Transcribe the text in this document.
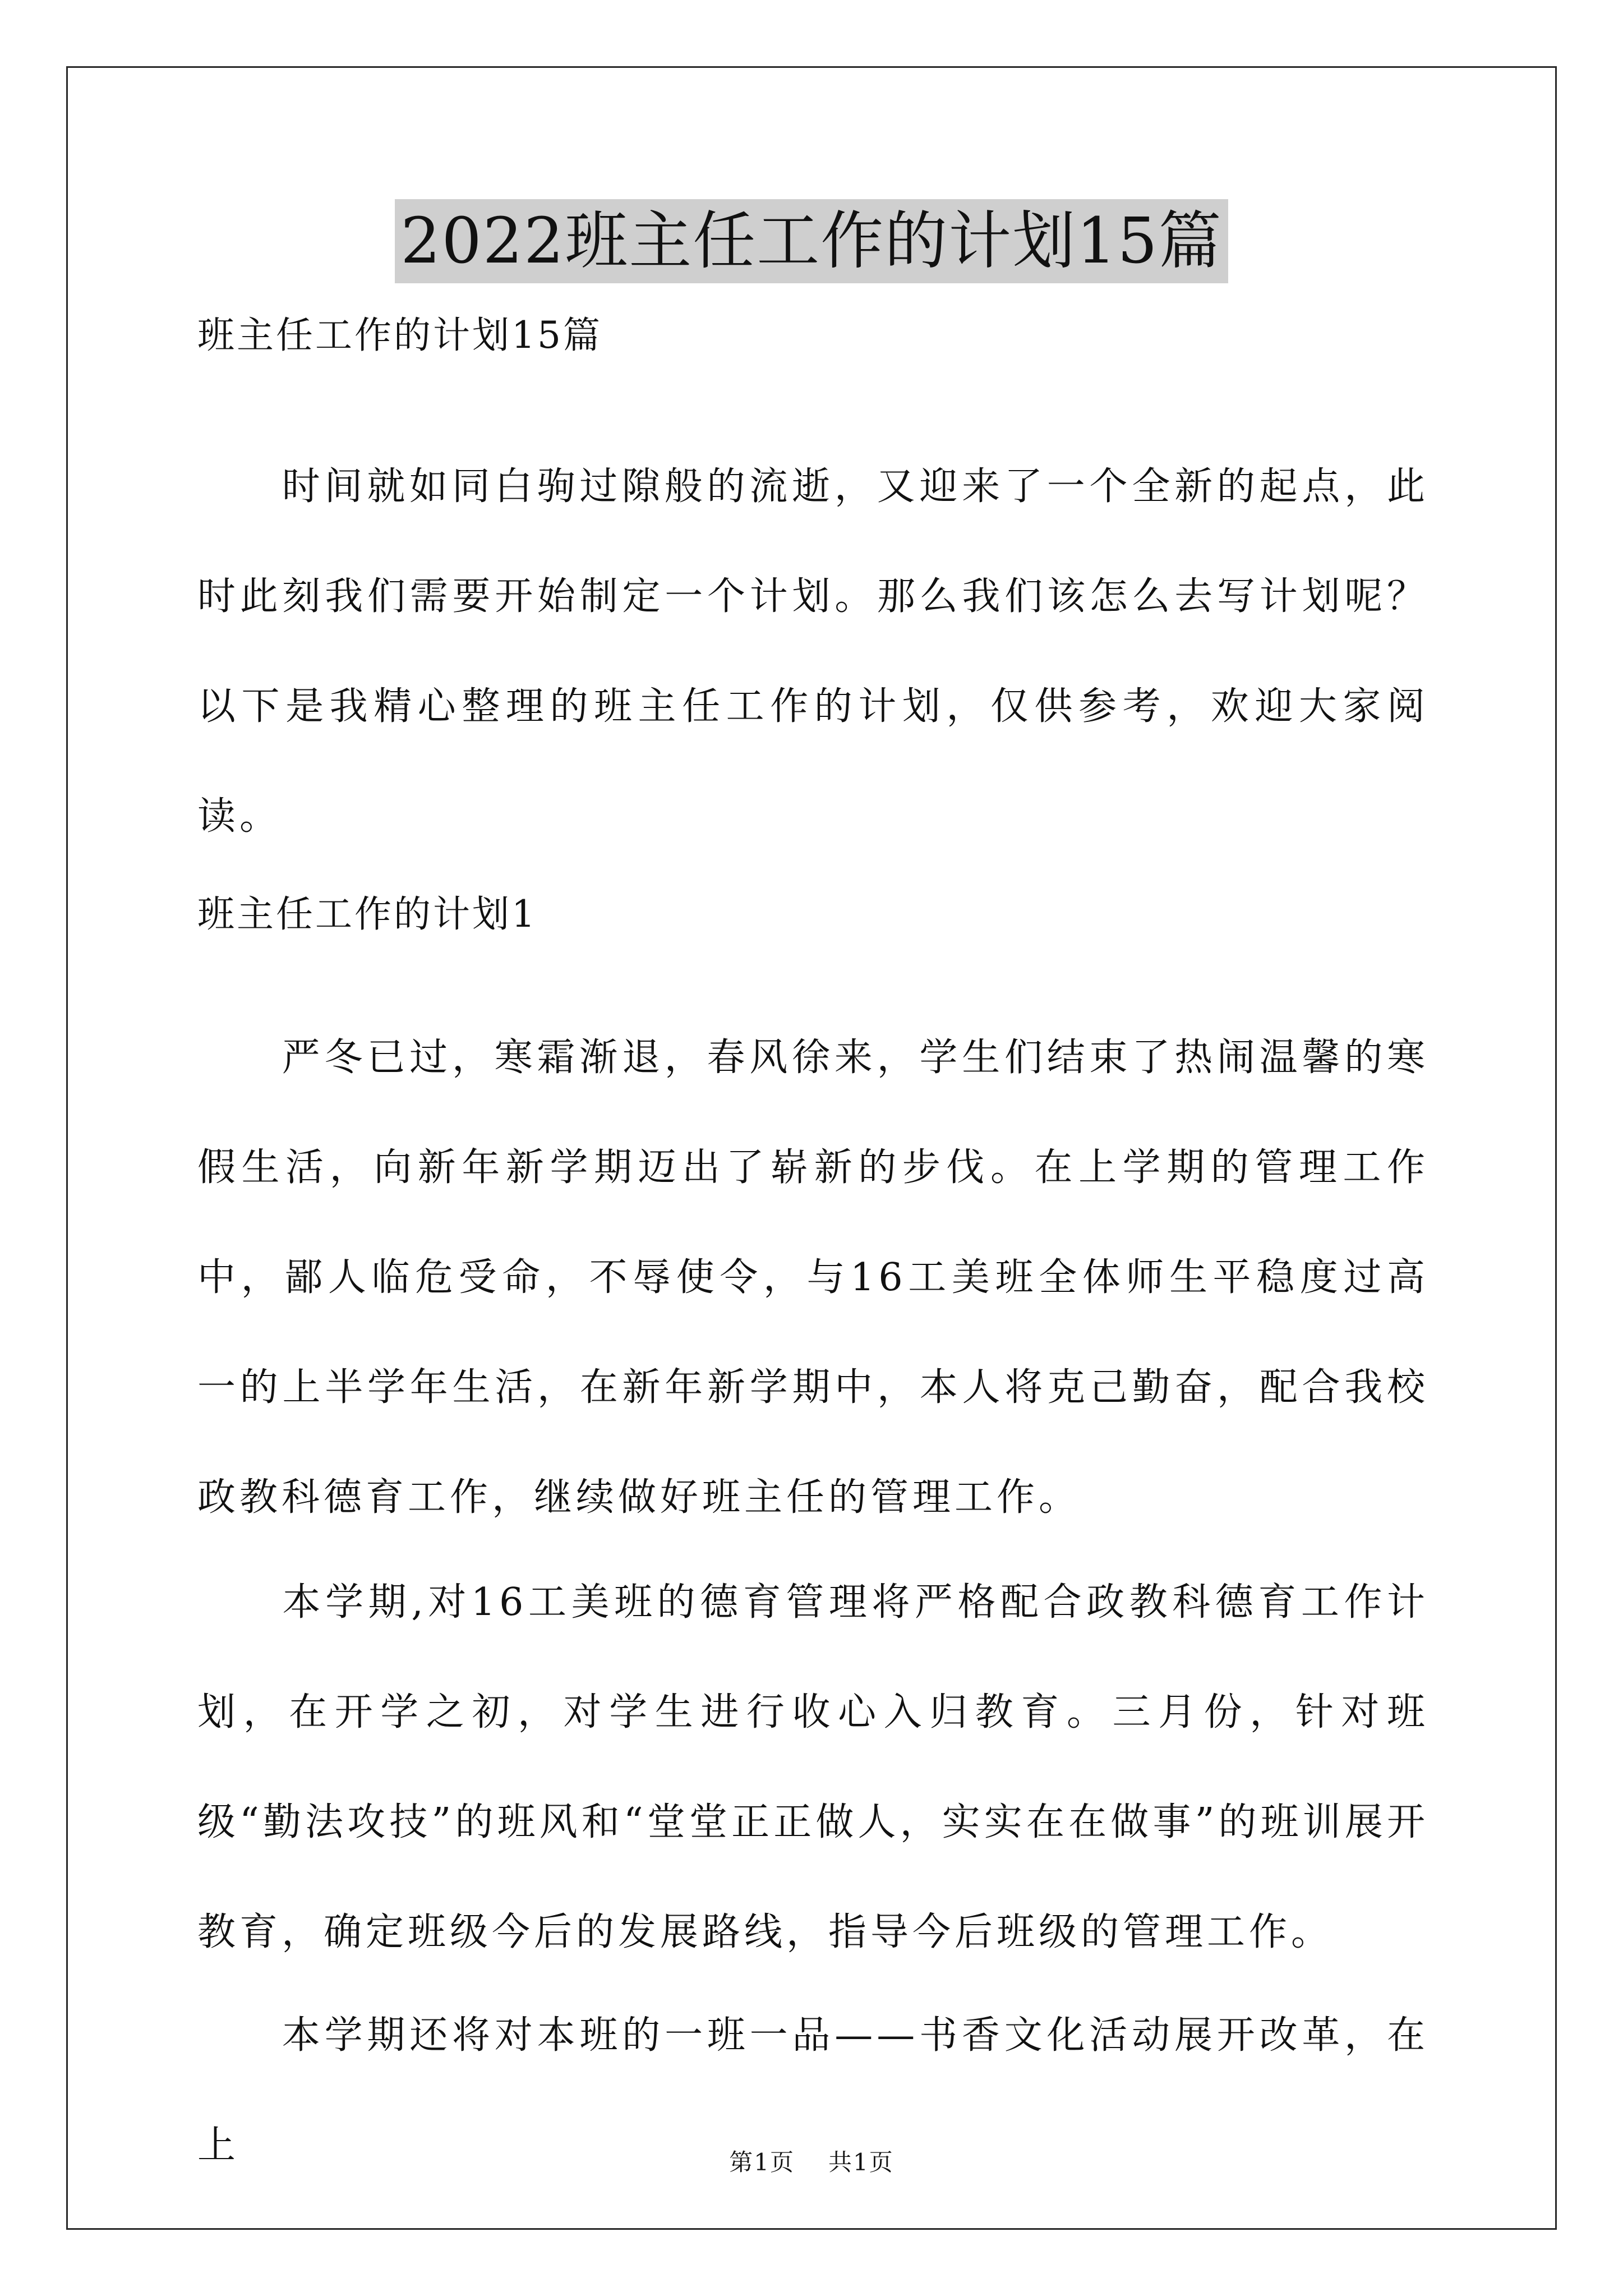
2022班主任工作的计划15篇
班主任工作的计划15篇

时间就如同白驹过隙般的流逝，又迎来了一个全新的起点，此时此刻我们需要开始制定一个计划。那么我们该怎么去写计划呢？以下是我精心整理的班主任工作的计划，仅供参考，欢迎大家阅读。

班主任工作的计划1

严冬已过，寒霜渐退，春风徐来，学生们结束了热闹温馨的寒假生活，向新年新学期迈出了崭新的步伐。在上学期的管理工作中，鄙人临危受命，不辱使令，与16工美班全体师生平稳度过高一的上半学年生活，在新年新学期中，本人将克己勤奋，配合我校政教科德育工作，继续做好班主任的管理工作。

本学期,对16工美班的德育管理将严格配合政教科德育工作计划，在开学之初，对学生进行收心入归教育。三月份，针对班级“勤法攻技”的班风和“堂堂正正做人，实实在在做事”的班训展开教育，确定班级今后的发展路线，指导今后班级的管理工作。

本学期还将对本班的一班一品——书香文化活动展开改革，在上	第1页 共1页
